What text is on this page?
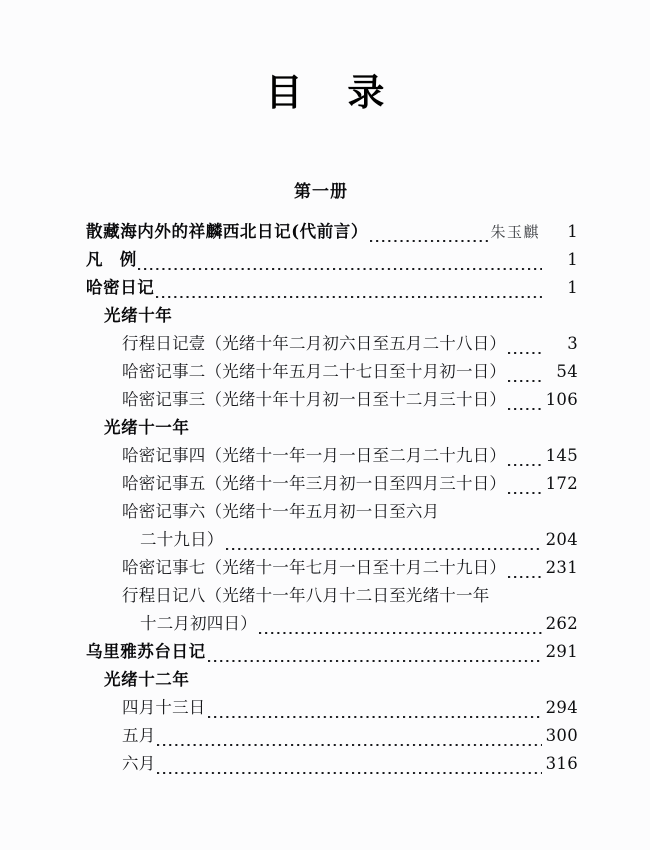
目 录
第一册
散藏海内外的祥麟西北日记(代前言）	朱玉麒	1
凡 例	1
哈密日记	1
光绪十年
行程日记壹（光绪十年二月初六日至五月二十八日）	3
哈密记事二（光绪十年五月二十七日至十月初一日）	54
哈密记事三（光绪十年十月初一日至十二月三十日） 106
光绪十一年
哈密记事四（光绪十一年一月一日至二月二十九日） 145
哈密记事五（光绪十一年三月初一日至四月三十日） 172
哈密记事六（光绪十一年五月初一日至六月
二十九日）	204
哈密记事七（光绪十一年七月一日至十月二十九日） 231
行程日记八（光绪十一年八月十二日至光绪十一年
十二月初四日）	262
乌里雅苏台日记	291
光绪十二年
四月十三日	294
五月	300
六月	316
